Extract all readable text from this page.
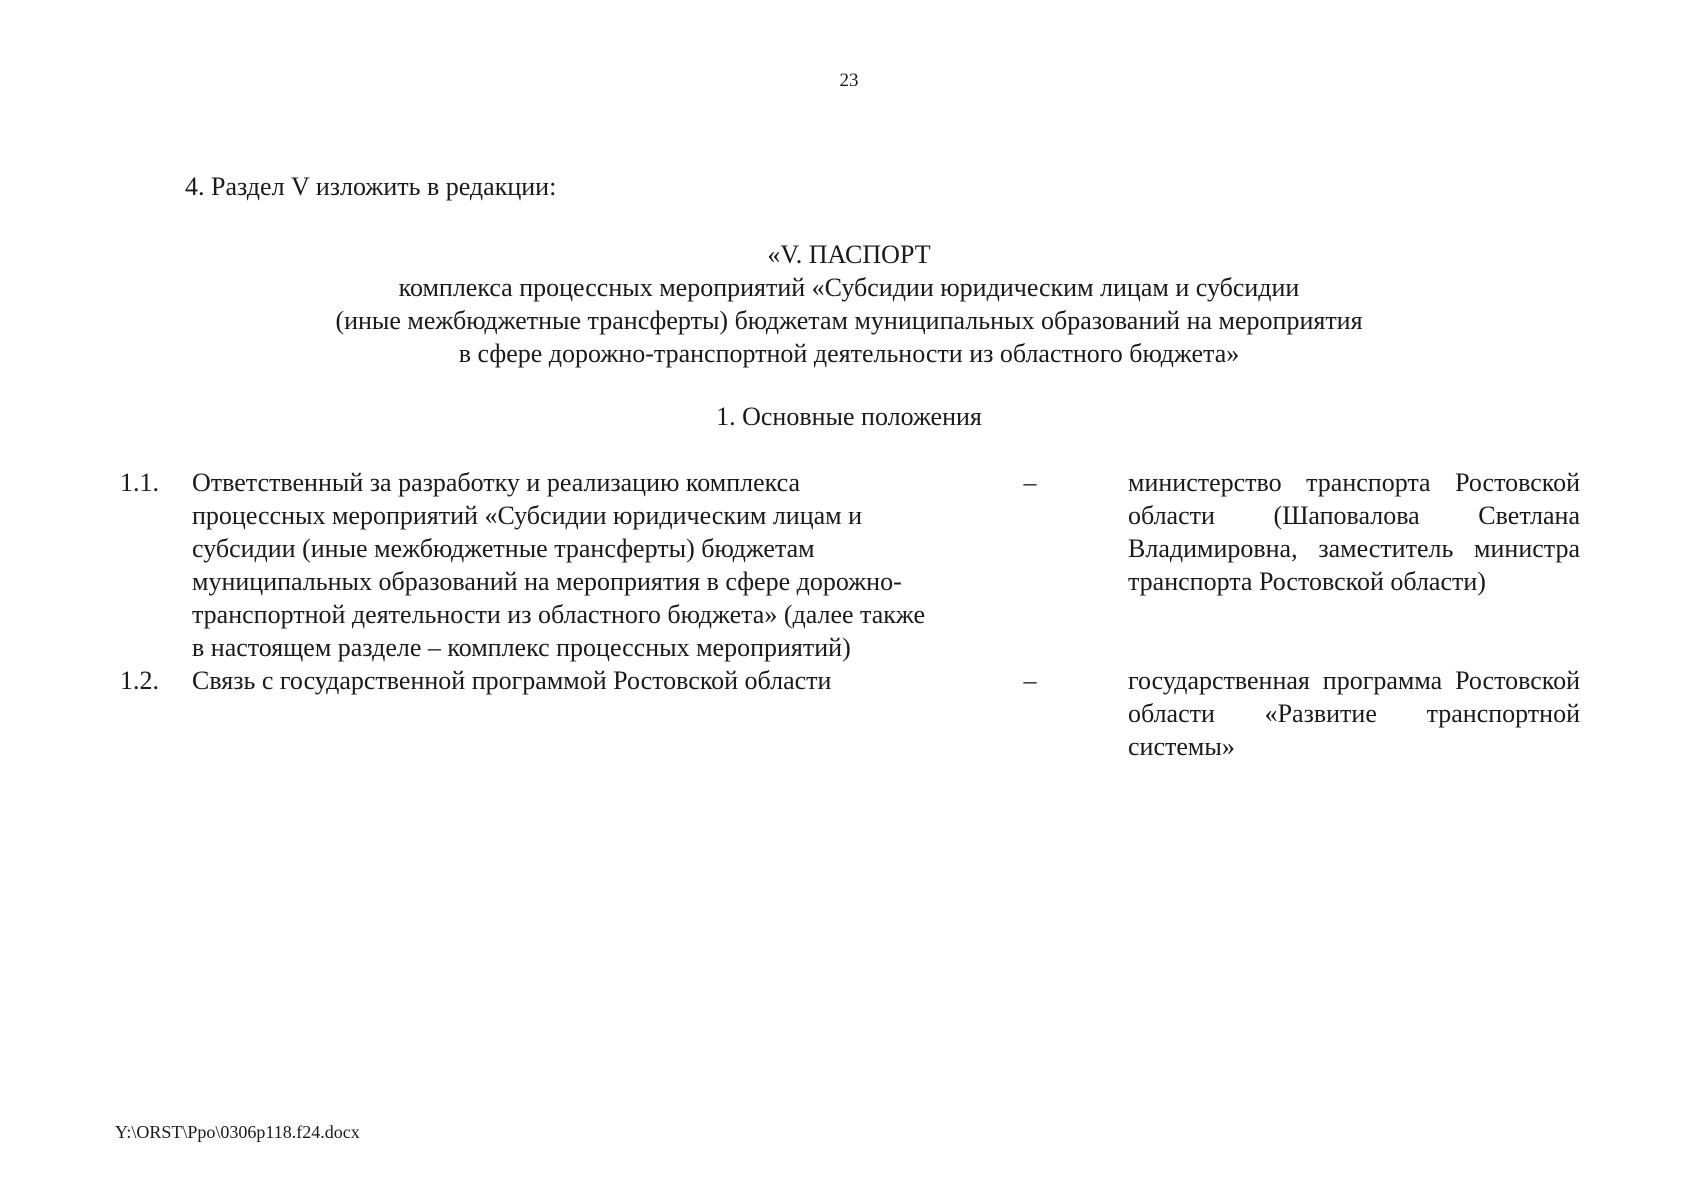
23
4. Раздел V изложить в редакции:
«V. ПАСПОРТ
комплекса процессных мероприятий «Субсидии юридическим лицам и субсидии
(иные межбюджетные трансферты) бюджетам муниципальных образований на мероприятия
в сфере дорожно-транспортной деятельности из областного бюджета»
1. Основные положения
1.1.	Ответственный за разработку и реализацию комплекса процессных мероприятий «Субсидии юридическим лицам и субсидии (иные межбюджетные трансферты) бюджетам муниципальных образований на мероприятия в сфере дорожно-транспортной деятельности из областного бюджета» (далее также в настоящем разделе – комплекс процессных мероприятий)	–	министерство транспорта Ростовской области (Шаповалова Светлана Владимировна, заместитель министра транспорта Ростовской области)
1.2.	Связь с государственной программой Ростовской области	–	государственная программа Ростовской области «Развитие транспортной системы»
Y:\ORST\Ppo\0306p118.f24.docx
